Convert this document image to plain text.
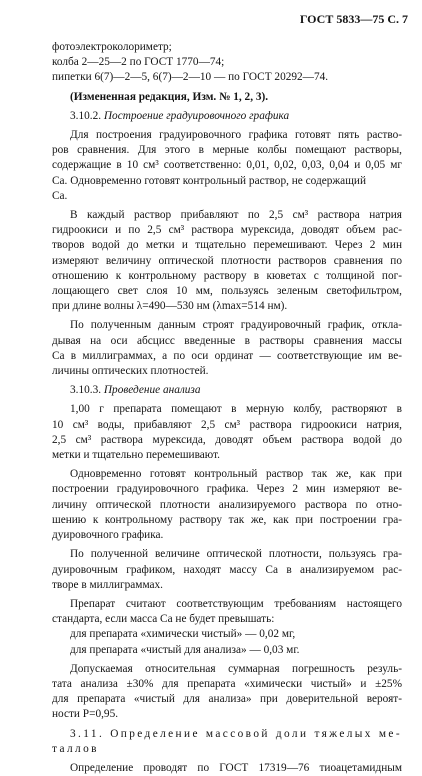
ГОСТ 5833—75 С. 7
фотоэлектроколориметр;
колба 2—25—2 по ГОСТ 1770—74;
пипетки 6(7)—2—5, 6(7)—2—10 — по ГОСТ 20292—74.
(Измененная редакция, Изм. № 1, 2, 3).
3.10.2. Построение градуировочного графика
Для построения градуировочного графика готовят пять раство-
ров сравнения. Для этого в мерные колбы помещают растворы,
содержащие в 10 см³ соответственно: 0,01, 0,02, 0,03, 0,04 и 0,05 мг
Са. Одновременно готовят контрольный раствор, не содержащий
Са.
В каждый раствор прибавляют по 2,5 см³ раствора натрия
гидроокиси и по 2,5 см³ раствора мурексида, доводят объем рас-
творов водой до метки и тщательно перемешивают. Через 2 мин
измеряют величину оптической плотности растворов сравнения по
отношению к контрольному раствору в кюветах с толщиной пог-
лощающего свет слоя 10 мм, пользуясь зеленым светофильтром,
при длине волны λ=490—530 нм (λmax=514 нм).
По полученным данным строят градуировочный график, откла-
дывая на оси абсцисс введенные в растворы сравнения массы
Са в миллиграммах, а по оси ординат — соответствующие им ве-
личины оптических плотностей.
3.10.3. Проведение анализа
1,00 г препарата помещают в мерную колбу, растворяют в
10 см³ воды, прибавляют 2,5 см³ раствора гидроокиси натрия,
2,5 см³ раствора мурексида, доводят объем раствора водой до
метки и тщательно перемешивают.
Одновременно готовят контрольный раствор так же, как при
построении градуировочного графика. Через 2 мин измеряют ве-
личину оптической плотности анализируемого раствора по отно-
шению к контрольному раствору так же, как при построении гра-
дуировочного графика.
По полученной величине оптической плотности, пользуясь гра-
дуировочным графиком, находят массу Са в анализируемом рас-
творе в миллиграммах.
Препарат считают соответствующим требованиям настоящего
стандарта, если масса Са не будет превышать:
для препарата «химически чистый» — 0,02 мг,
для препарата «чистый для анализа» — 0,03 мг.
Допускаемая относительная суммарная погрешность резуль-
тата анализа ±30% для препарата «химически чистый» и ±25%
для препарата «чистый для анализа» при доверительной вероят-
ности P=0,95.
3.11. Определение массовой доли тяжелых ме-
таллов
Определение проводят по ГОСТ 17319—76 тиоацетамидным
